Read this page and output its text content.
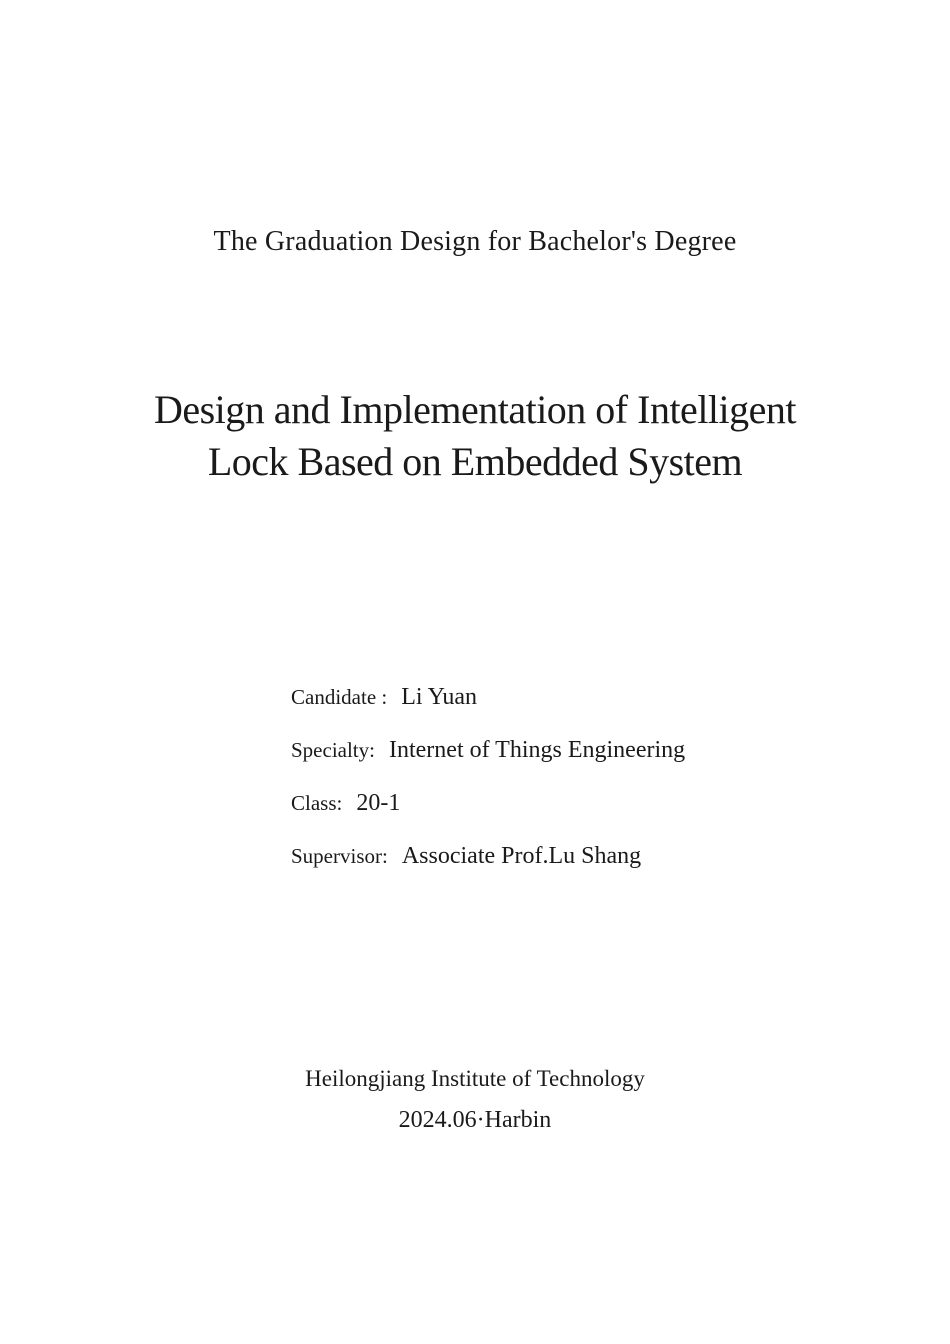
The Graduation Design for Bachelor's Degree
Design and Implementation of Intelligent
Lock Based on Embedded System
Candidate : Li Yuan
Specialty: Internet of Things Engineering
Class: 20-1
Supervisor: Associate Prof.Lu Shang
Heilongjiang Institute of Technology
2024.06·Harbin
